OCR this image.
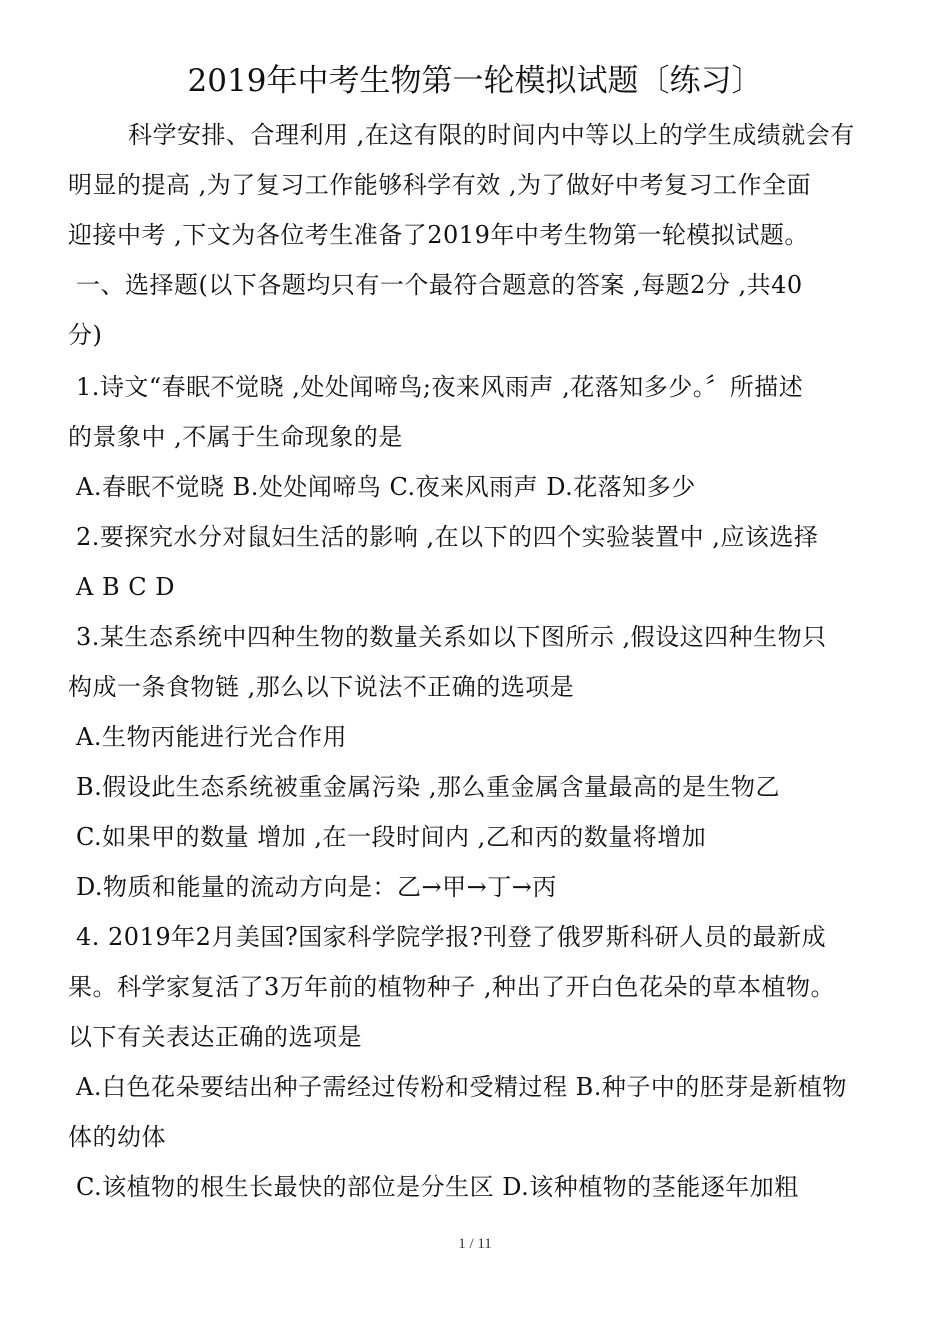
2019年中考生物第一轮模拟试题〔练习〕
科学安排、合理利用 ,在这有限的时间内中等以上的学生成绩就会有
明显的提高 ,为了复习工作能够科学有效 ,为了做好中考复习工作全面
迎接中考 ,下文为各位考生准备了2019年中考生物第一轮模拟试题。
一、选择题(以下各题均只有一个最符合题意的答案 ,每题2分 ,共40
分)
1.诗文“春眠不觉晓 ,处处闻啼鸟;夜来风雨声 ,花落知多少。〞所描述
的景象中 ,不属于生命现象的是
A.春眠不觉晓 B.处处闻啼鸟 C.夜来风雨声 D.花落知多少
2.要探究水分对鼠妇生活的影响 ,在以下的四个实验装置中 ,应该选择
A B C D
3.某生态系统中四种生物的数量关系如以下图所示 ,假设这四种生物只
构成一条食物链 ,那么以下说法不正确的选项是
A.生物丙能进行光合作用
B.假设此生态系统被重金属污染 ,那么重金属含量最高的是生物乙
C.如果甲的数量 增加 ,在一段时间内 ,乙和丙的数量将增加
D.物质和能量的流动方向是：乙→甲→丁→丙
4. 2019年2月美国?国家科学院学报?刊登了俄罗斯科研人员的最新成
果。科学家复活了3万年前的植物种子 ,种出了开白色花朵的草本植物。
以下有关表达正确的选项是
A.白色花朵要结出种子需经过传粉和受精过程 B.种子中的胚芽是新植物
体的幼体
C.该植物的根生长最快的部位是分生区 D.该种植物的茎能逐年加粗
1 / 11
